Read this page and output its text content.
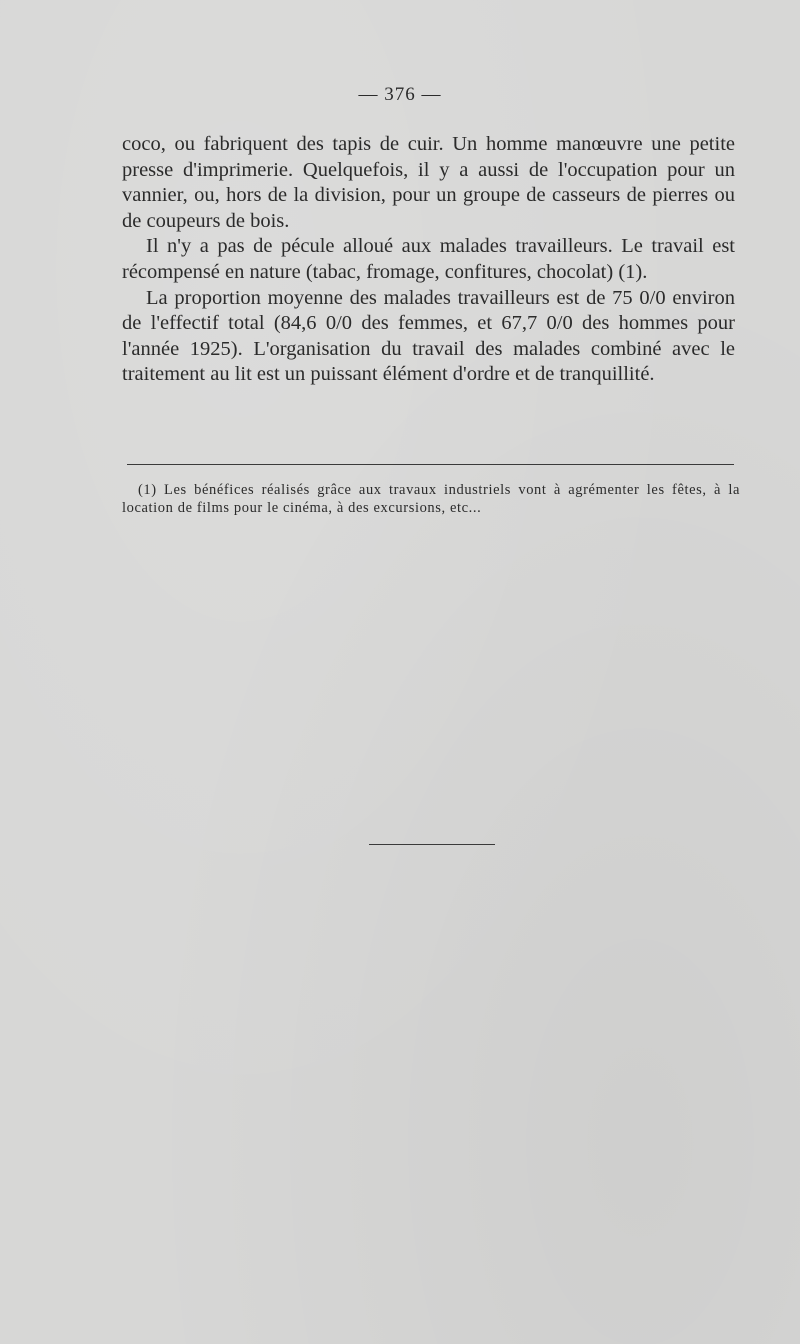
— 376 —

coco, ou fabriquent des tapis de cuir. Un homme manœuvre une petite presse d'imprimerie. Quelquefois, il y a aussi de l'occupation pour un vannier, ou, hors de la division, pour un groupe de casseurs de pierres ou de coupeurs de bois.

Il n'y a pas de pécule alloué aux malades travailleurs. Le travail est récompensé en nature (tabac, fromage, confitures, chocolat) (1).

La proportion moyenne des malades travailleurs est de 75 0/0 environ de l'effectif total (84,6 0/0 des femmes, et 67,7 0/0 des hommes pour l'année 1925). L'organisation du travail des malades combiné avec le traitement au lit est un puissant élément d'ordre et de tranquillité.

(1) Les bénéfices réalisés grâce aux travaux industriels vont à agrémenter les fêtes, à la location de films pour le cinéma, à des excursions, etc...
